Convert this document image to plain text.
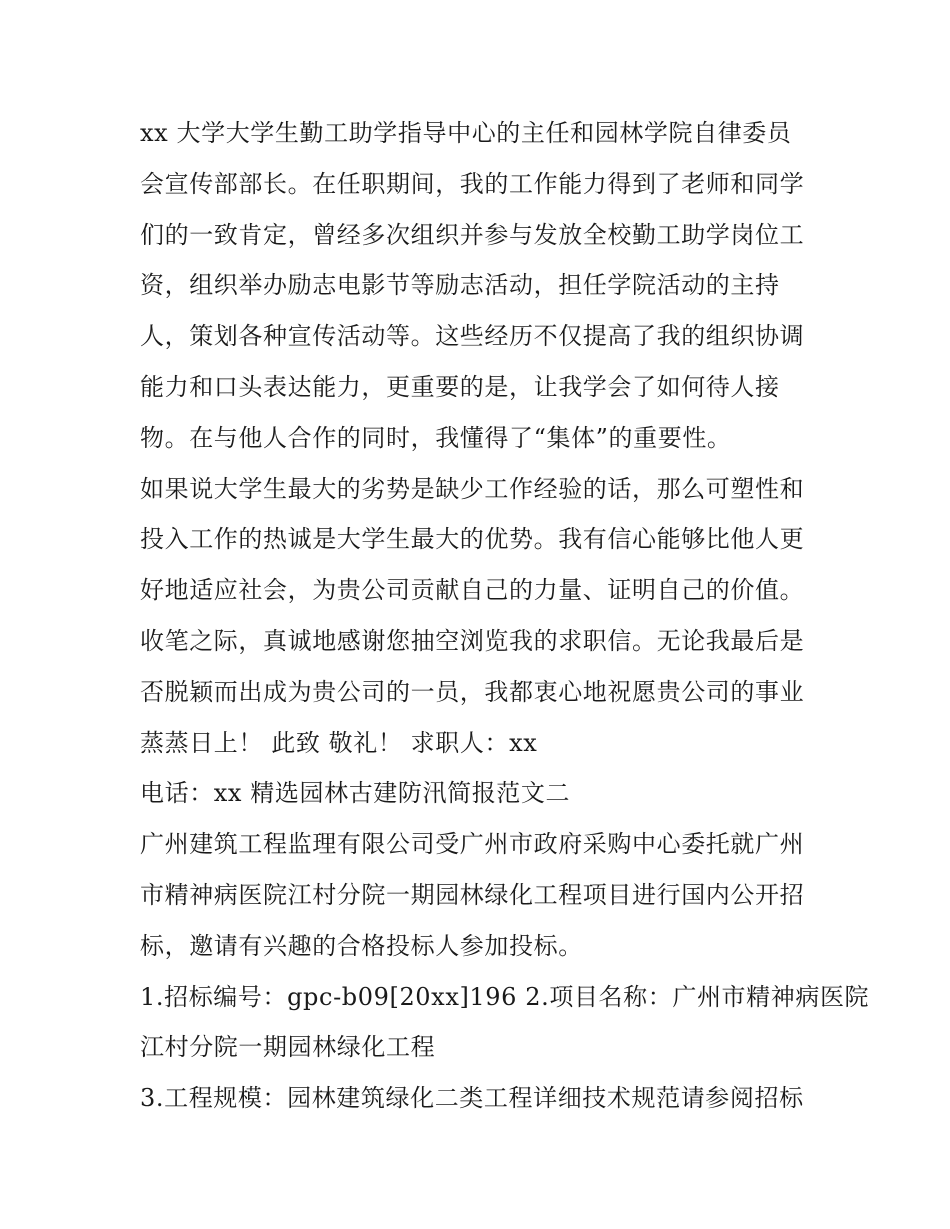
xx 大学大学生勤工助学指导中心的主任和园林学院自律委员
会宣传部部长。在任职期间，我的工作能力得到了老师和同学
们的一致肯定，曾经多次组织并参与发放全校勤工助学岗位工
资，组织举办励志电影节等励志活动，担任学院活动的主持
人，策划各种宣传活动等。这些经历不仅提高了我的组织协调
能力和口头表达能力，更重要的是，让我学会了如何待人接
物。在与他人合作的同时，我懂得了“集体”的重要性。
如果说大学生最大的劣势是缺少工作经验的话，那么可塑性和
投入工作的热诚是大学生最大的优势。我有信心能够比他人更
好地适应社会，为贵公司贡献自己的力量、证明自己的价值。
收笔之际，真诚地感谢您抽空浏览我的求职信。无论我最后是
否脱颖而出成为贵公司的一员，我都衷心地祝愿贵公司的事业
蒸蒸日上！ 此致 敬礼！ 求职人：xx
电话：xx 精选园林古建防汛简报范文二
广州建筑工程监理有限公司受广州市政府采购中心委托就广州
市精神病医院江村分院一期园林绿化工程项目进行国内公开招
标，邀请有兴趣的合格投标人参加投标。
1.招标编号：gpc-b09[20xx]196 2.项目名称：广州市精神病医院
江村分院一期园林绿化工程
3.工程规模：园林建筑绿化二类工程详细技术规范请参阅招标
